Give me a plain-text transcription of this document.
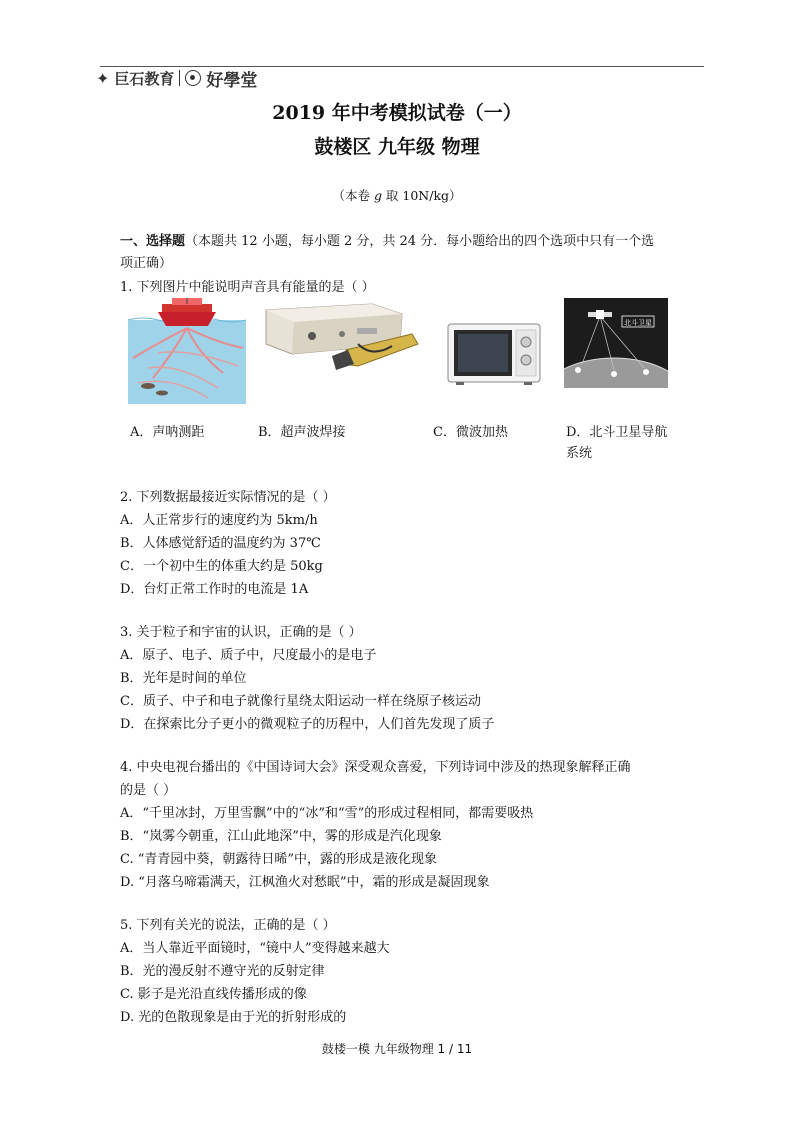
✦ 巨石教育 好學堂
2019 年中考模拟试卷（一）
鼓楼区 九年级 物理
（本卷 g 取 10N/kg）
一、选择题（本题共 12 小题，每小题 2 分，共 24 分．每小题给出的四个选项中只有一个选
项正确）
1. 下列图片中能说明声音具有能量的是（ ）
北斗卫星
A．声呐测距	B．超声波焊接	C．微波加热	D．北斗卫星导航
系统
2. 下列数据最接近实际情况的是（ ）
A．人正常步行的速度约为 5km/h
B．人体感觉舒适的温度约为 37℃
C．一个初中生的体重大约是 50kg
D．台灯正常工作时的电流是 1A
3. 关于粒子和宇宙的认识，正确的是（ ）
A．原子、电子、质子中，尺度最小的是电子
B．光年是时间的单位
C．质子、中子和电子就像行星绕太阳运动一样在绕原子核运动
D．在探索比分子更小的微观粒子的历程中，人们首先发现了质子
4. 中央电视台播出的《中国诗词大会》深受观众喜爱，下列诗词中涉及的热现象解释正确
的是（ ）
A．“千里冰封，万里雪飘”中的“冰”和“雪”的形成过程相同，都需要吸热
B．“岚雾今朝重，江山此地深”中，雾的形成是汽化现象
C. “青青园中葵，朝露待日晞”中，露的形成是液化现象
D. “月落乌啼霜满天，江枫渔火对愁眠”中，霜的形成是凝固现象
5. 下列有关光的说法，正确的是（ ）
A．当人靠近平面镜时，“镜中人”变得越来越大
B．光的漫反射不遵守光的反射定律
C. 影子是光沿直线传播形成的像
D. 光的色散现象是由于光的折射形成的
鼓楼一模 九年级物理 1 / 11
